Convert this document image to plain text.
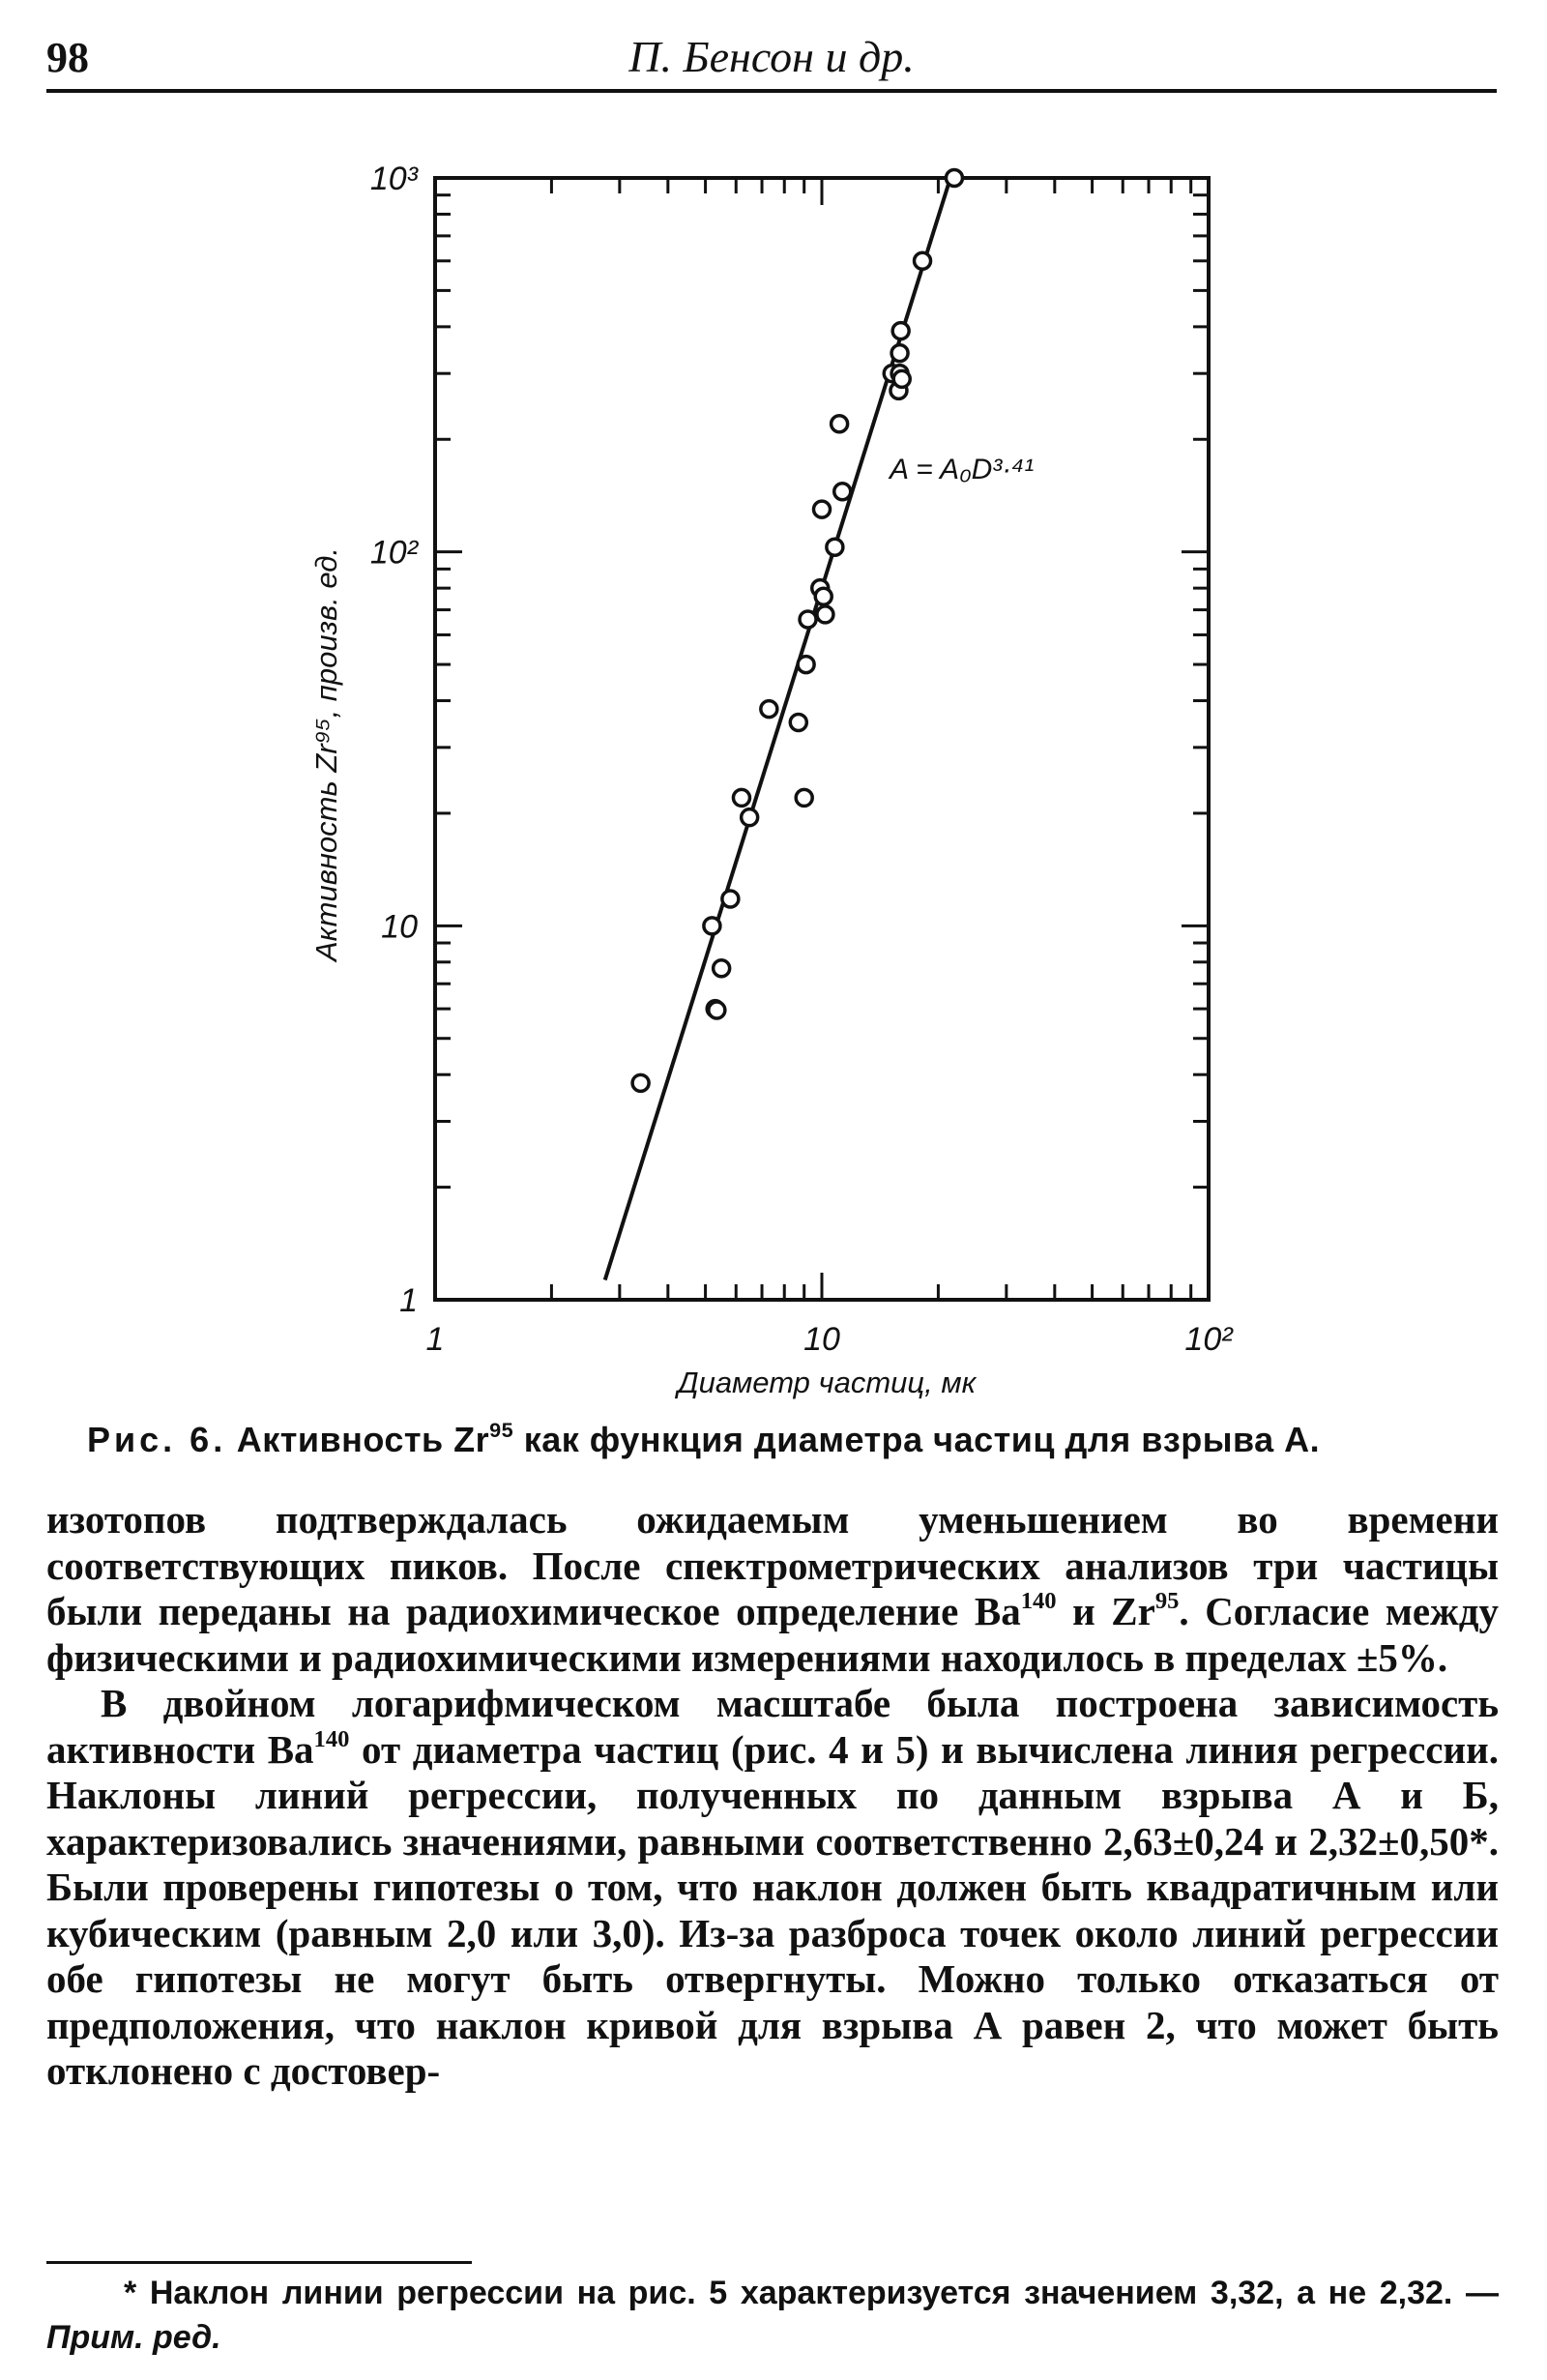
98	П. Бенсон и др.
1	10	10²
1
10
10²
10³
A = A₀D³·⁴¹
Диаметр частиц, мк
Активность Zr⁹⁵, произв. ед.
Рис. 6. Активность Zr$^{95}$ как функция диаметра частиц для взрыва А.

изотопов подтверждалась ожидаемым уменьшением во времени соответствующих пиков. После спектрометрических анализов три частицы были переданы на радиохимическое определение Ba$^{140}$ и Zr$^{95}$. Согласие между физическими и радиохимическими измерениями находилось в пределах ±5%.

В двойном логарифмическом масштабе была построена зависимость активности Ba$^{140}$ от диаметра частиц (рис. 4 и 5) и вычислена линия регрессии. Наклоны линий регрессии, полученных по данным взрыва А и Б, характеризовались значениями, равными соответственно 2,63±0,24 и 2,32±0,50*. Были проверены гипотезы о том, что наклон должен быть квадратичным или кубическим (равным 2,0 или 3,0). Из-за разброса точек около линий регрессии обе гипотезы не могут быть отвергнуты. Можно только отказаться от предположения, что наклон кривой для взрыва А равен 2, что может быть отклонено с достовер-

* Наклон линии регрессии на рис. 5 характеризуется значением 3,32, а не 2,32. — Прим. ред.
